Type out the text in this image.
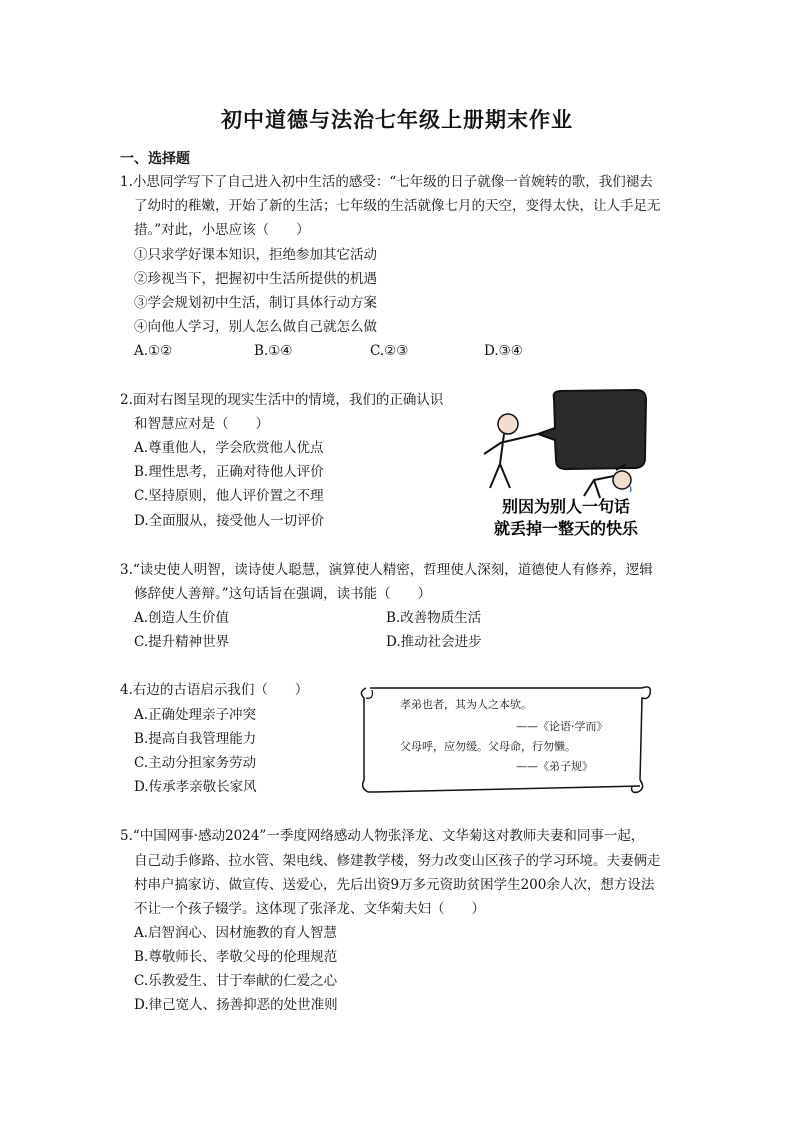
初中道德与法治七年级上册期末作业
一、选择题
1.小思同学写下了自己进入初中生活的感受：“七年级的日子就像一首婉转的歌，我们褪去
了幼时的稚嫩，开始了新的生活；七年级的生活就像七月的天空，变得太快，让人手足无
措。”对此，小思应该（　　）
①只求学好课本知识，拒绝参加其它活动
②珍视当下，把握初中生活所提供的机遇
③学会规划初中生活，制订具体行动方案
④向他人学习，别人怎么做自己就怎么做
A.①②	B.①④	C.②③	D.③④
2.面对右图呈现的现实生活中的情境，我们的正确认识
和智慧应对是（　　）
A.尊重他人，学会欣赏他人优点
B.理性思考，正确对待他人评价
C.坚持原则，他人评价置之不理
D.全面服从，接受他人一切评价
别因为别人一句话
就丢掉一整天的快乐
3.“读史使人明智，读诗使人聪慧，演算使人精密，哲理使人深刻，道德使人有修养，逻辑
修辞使人善辩。”这句话旨在强调，读书能（　　）
A.创造人生价值	B.改善物质生活
C.提升精神世界	D.推动社会进步
4.右边的古语启示我们（　　）
A.正确处理亲子冲突
B.提高自我管理能力
C.主动分担家务劳动
D.传承孝亲敬长家风
孝弟也者，其为人之本欤。
——《论语·学而》
父母呼，应勿缓。父母命，行勿懒。
——《弟子规》
5.“中国网事·感动2024”一季度网络感动人物张泽龙、文华菊这对教师夫妻和同事一起，
自己动手修路、拉水管、架电线、修建教学楼，努力改变山区孩子的学习环境。夫妻俩走
村串户搞家访、做宣传、送爱心，先后出资9万多元资助贫困学生200余人次，想方设法
不让一个孩子辍学。这体现了张泽龙、文华菊夫妇（　　）
A.启智润心、因材施教的育人智慧
B.尊敬师长、孝敬父母的伦理规范
C.乐教爱生、甘于奉献的仁爱之心
D.律己宽人、扬善抑恶的处世准则
